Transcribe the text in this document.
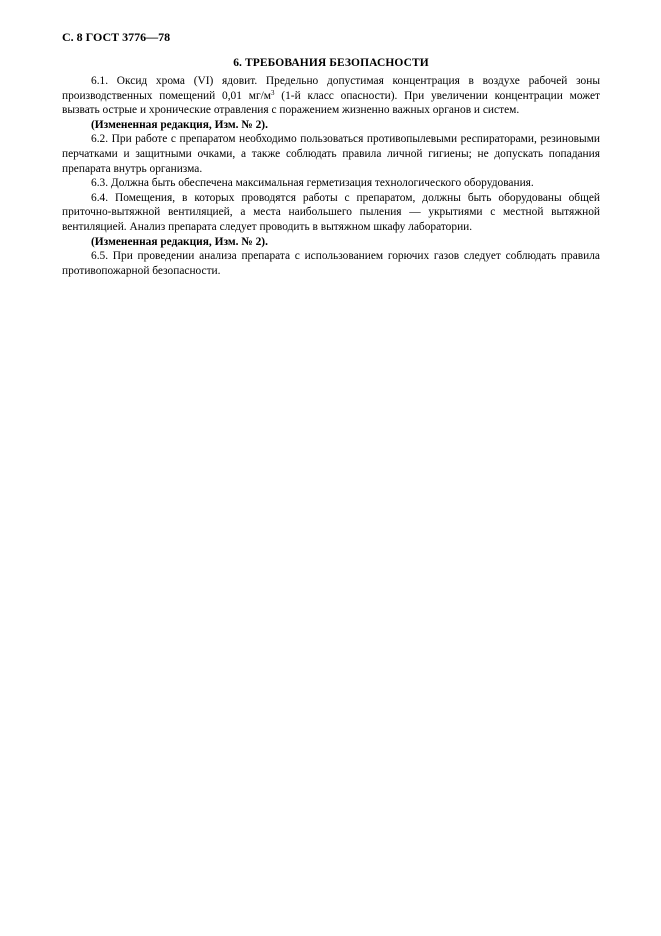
С. 8 ГОСТ 3776—78

6. ТРЕБОВАНИЯ БЕЗОПАСНОСТИ

6.1. Оксид хрома (VI) ядовит. Предельно допустимая концентрация в воздухе рабочей зоны производственных помещений 0,01 $мг/м^3$ (1-й класс опасности). При увеличении концентрации может вызвать острые и хронические отравления с поражением жизненно важных органов и систем.

(Измененная редакция, Изм. № 2).

6.2. При работе с препаратом необходимо пользоваться противопылевыми респираторами, резиновыми перчатками и защитными очками, а также соблюдать правила личной гигиены; не допускать попадания препарата внутрь организма.

6.3. Должна быть обеспечена максимальная герметизация технологического оборудования.

6.4. Помещения, в которых проводятся работы с препаратом, должны быть оборудованы общей приточно-вытяжной вентиляцией, а места наибольшего пыления — укрытиями с местной вытяжной вентиляцией. Анализ препарата следует проводить в вытяжном шкафу лаборатории.

(Измененная редакция, Изм. № 2).

6.5. При проведении анализа препарата с использованием горючих газов следует соблюдать правила противопожарной безопасности.
